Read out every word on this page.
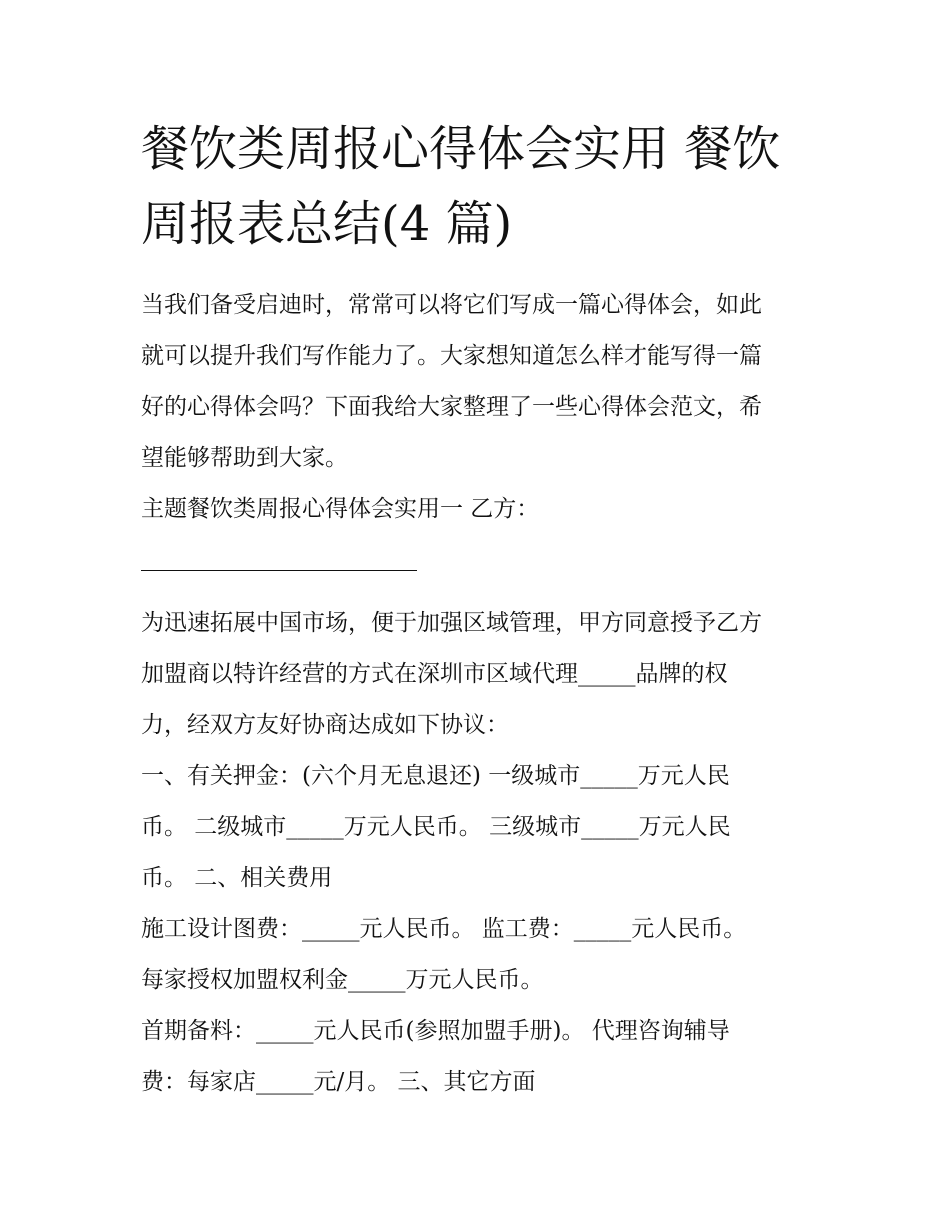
餐饮类周报心得体会实用 餐饮
周报表总结(4 篇)

当我们备受启迪时，常常可以将它们写成一篇心得体会，如此
就可以提升我们写作能力了。大家想知道怎么样才能写得一篇
好的心得体会吗？下面我给大家整理了一些心得体会范文，希
望能够帮助到大家。

主题餐饮类周报心得体会实用一 乙方：

为迅速拓展中国市场，便于加强区域管理，甲方同意授予乙方
加盟商以特许经营的方式在深圳市区域代理_____品牌的权
力，经双方友好协商达成如下协议：
一、有关押金：(六个月无息退还) 一级城市_____万元人民
币。 二级城市_____万元人民币。 三级城市_____万元人民
币。 二、相关费用
施工设计图费：_____元人民币。 监工费：_____元人民币。
每家授权加盟权利金_____万元人民币。
首期备料：_____元人民币(参照加盟手册)。 代理咨询辅导
费：每家店_____元/月。 三、其它方面
